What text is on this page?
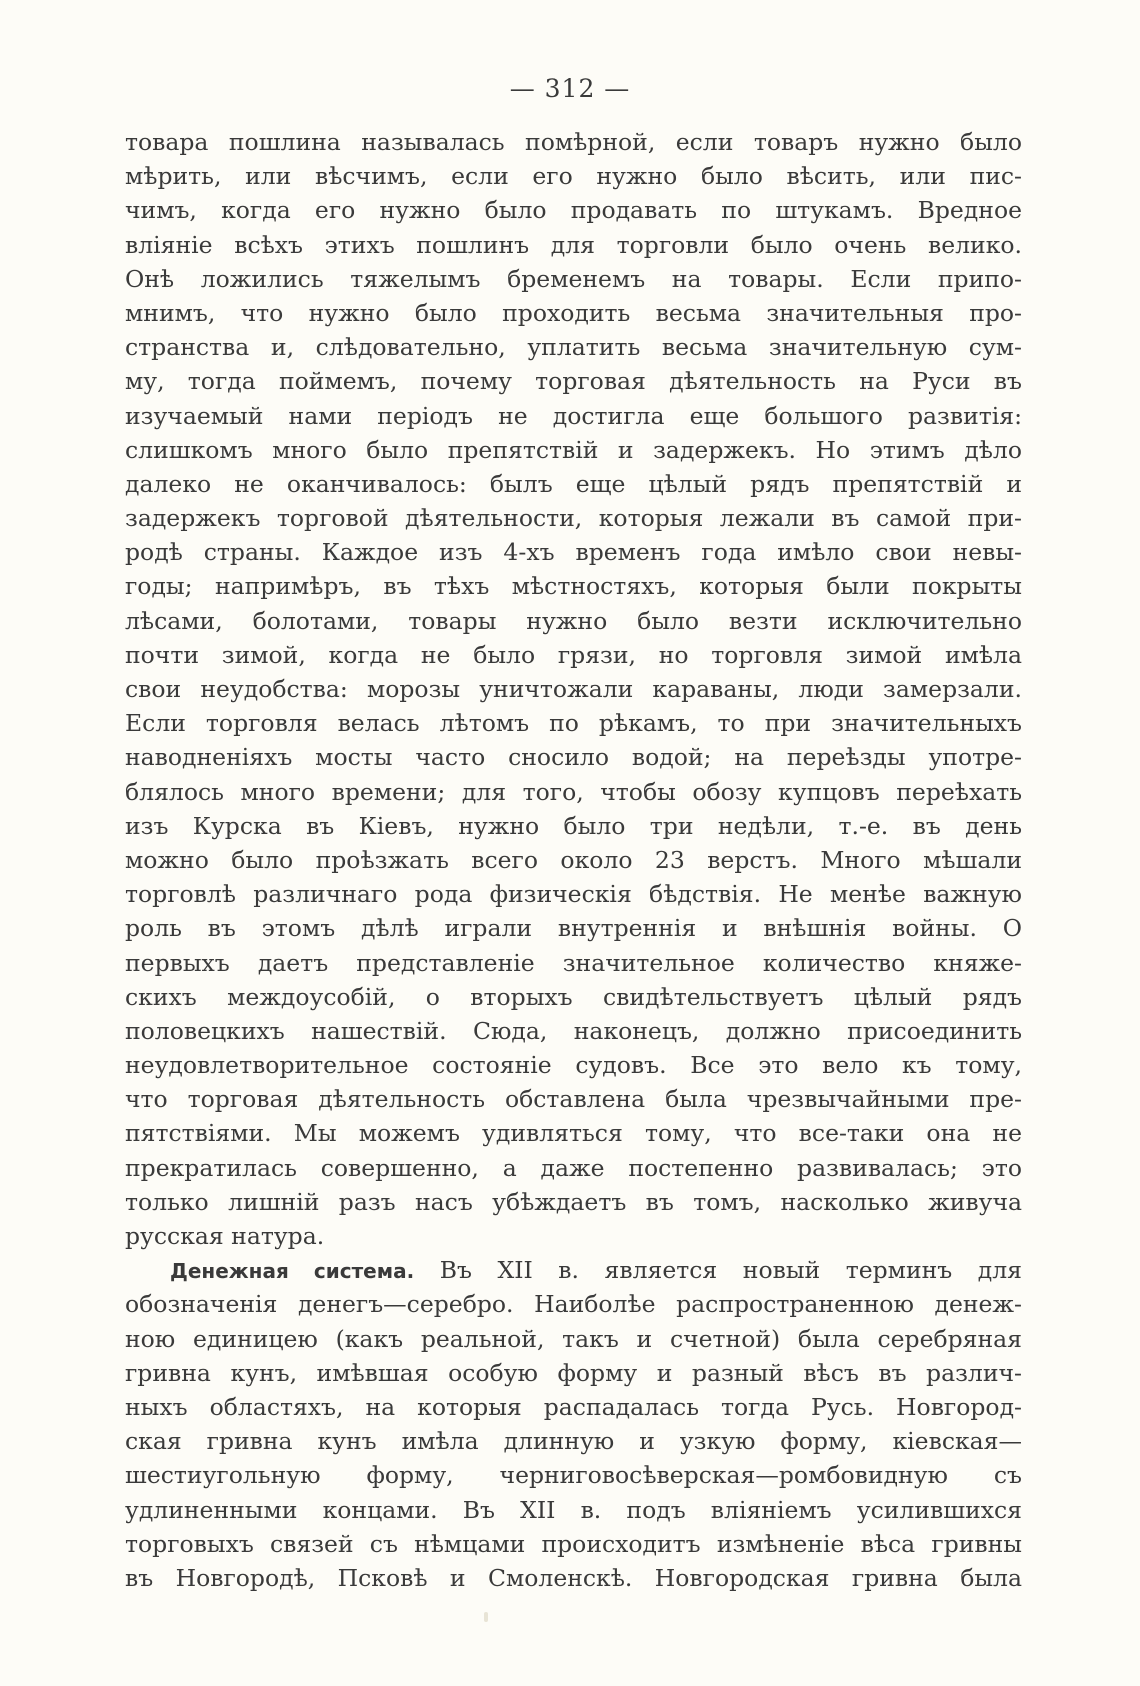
— 312 —
товара пошлина называлась помѣрной, если товаръ нужно было
мѣрить, или вѣсчимъ, если его нужно было вѣсить, или пис-
чимъ, когда его нужно было продавать по штукамъ. Вредное
вліяніе всѣхъ этихъ пошлинъ для торговли было очень велико.
Онѣ ложились тяжелымъ бременемъ на товары. Если припо-
мнимъ, что нужно было проходить весьма значительныя про-
странства и, слѣдовательно, уплатить весьма значительную сум-
му, тогда поймемъ, почему торговая дѣятельность на Руси въ
изучаемый нами періодъ не достигла еще большого развитія:
слишкомъ много было препятствій и задержекъ. Но этимъ дѣло
далеко не оканчивалось: былъ еще цѣлый рядъ препятствій и
задержекъ торговой дѣятельности, которыя лежали въ самой при-
родѣ страны. Каждое изъ 4-хъ временъ года имѣло свои невы-
годы; напримѣръ, въ тѣхъ мѣстностяхъ, которыя были покрыты
лѣсами, болотами, товары нужно было везти исключительно
почти зимой, когда не было грязи, но торговля зимой имѣла
свои неудобства: морозы уничтожали караваны, люди замерзали.
Если торговля велась лѣтомъ по рѣкамъ, то при значительныхъ
наводненіяхъ мосты часто сносило водой; на переѣзды употре-
блялось много времени; для того, чтобы обозу купцовъ переѣхать
изъ Курска въ Кіевъ, нужно было три недѣли, т.-е. въ день
можно было проѣзжать всего около 23 верстъ. Много мѣшали
торговлѣ различнаго рода физическія бѣдствія. Не менѣе важную
роль въ этомъ дѣлѣ играли внутреннія и внѣшнія войны. О
первыхъ даетъ представленіе значительное количество княже-
скихъ междоусобій, о вторыхъ свидѣтельствуетъ цѣлый рядъ
половецкихъ нашествій. Сюда, наконецъ, должно присоединить
неудовлетворительное состояніе судовъ. Все это вело къ тому,
что торговая дѣятельность обставлена была чрезвычайными пре-
пятствіями. Мы можемъ удивляться тому, что все-таки она не
прекратилась совершенно, а даже постепенно развивалась; это
только лишній разъ насъ убѣждаетъ въ томъ, насколько живуча
русская натура.
Денежная система. Въ XII в. является новый терминъ для
обозначенія денегъ—серебро. Наиболѣе распространенною денеж-
ною единицею (какъ реальной, такъ и счетной) была серебряная
гривна кунъ, имѣвшая особую форму и разный вѣсъ въ различ-
ныхъ областяхъ, на которыя распадалась тогда Русь. Новгород-
ская гривна кунъ имѣла длинную и узкую форму, кіевская—
шестиугольную форму, черниговосѣверская—ромбовидную съ
удлиненными концами. Въ XII в. подъ вліяніемъ усилившихся
торговыхъ связей съ нѣмцами происходитъ измѣненіе вѣса гривны
въ Новгородѣ, Псковѣ и Смоленскѣ. Новгородская гривна была
